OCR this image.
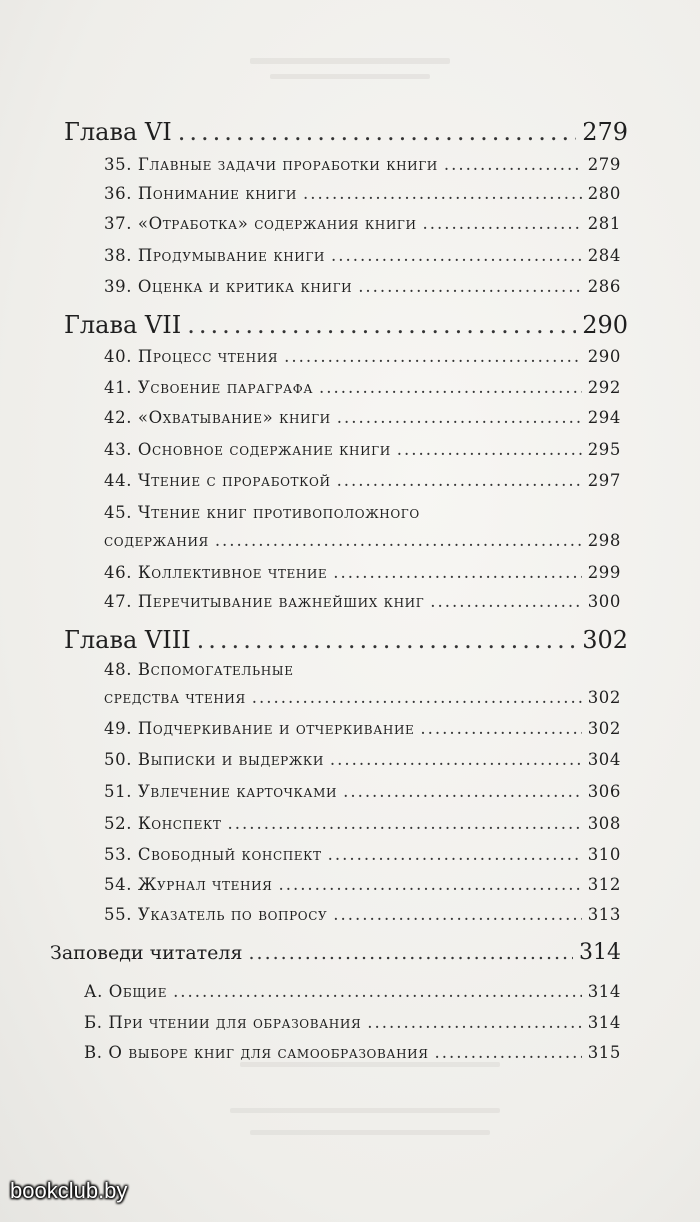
Глава VI .....	279
35. Главные задачи проработки книги .....	279
36. Понимание книги .....	280
37. «Отработка» содержания книги .....	281
38. Продумывание книги .....	284
39. Оценка и критика книги .....	286
Глава VII .....	290
40. Процесс чтения .....	290
41. Усвоение параграфа .....	292
42. «Охватывание» книги .....	294
43. Основное содержание книги .....	295
44. Чтение с проработкой .....	297
45. Чтение книг противоположного
содержания .....	298
46. Коллективное чтение .....	299
47. Перечитывание важнейших книг .....	300
Глава VIII .....	302
48. Вспомогательные
средства чтения .....	302
49. Подчеркивание и отчеркивание .....	302
50. Выписки и выдержки .....	304
51. Увлечение карточками .....	306
52. Конспект .....	308
53. Свободный конспект .....	310
54. Журнал чтения .....	312
55. Указатель по вопросу .....	313
Заповеди читателя .....	314
А. Общие .....	314
Б. При чтении для образования .....	314
В. О выборе книг для самообразования .....	315
bookclub.by
